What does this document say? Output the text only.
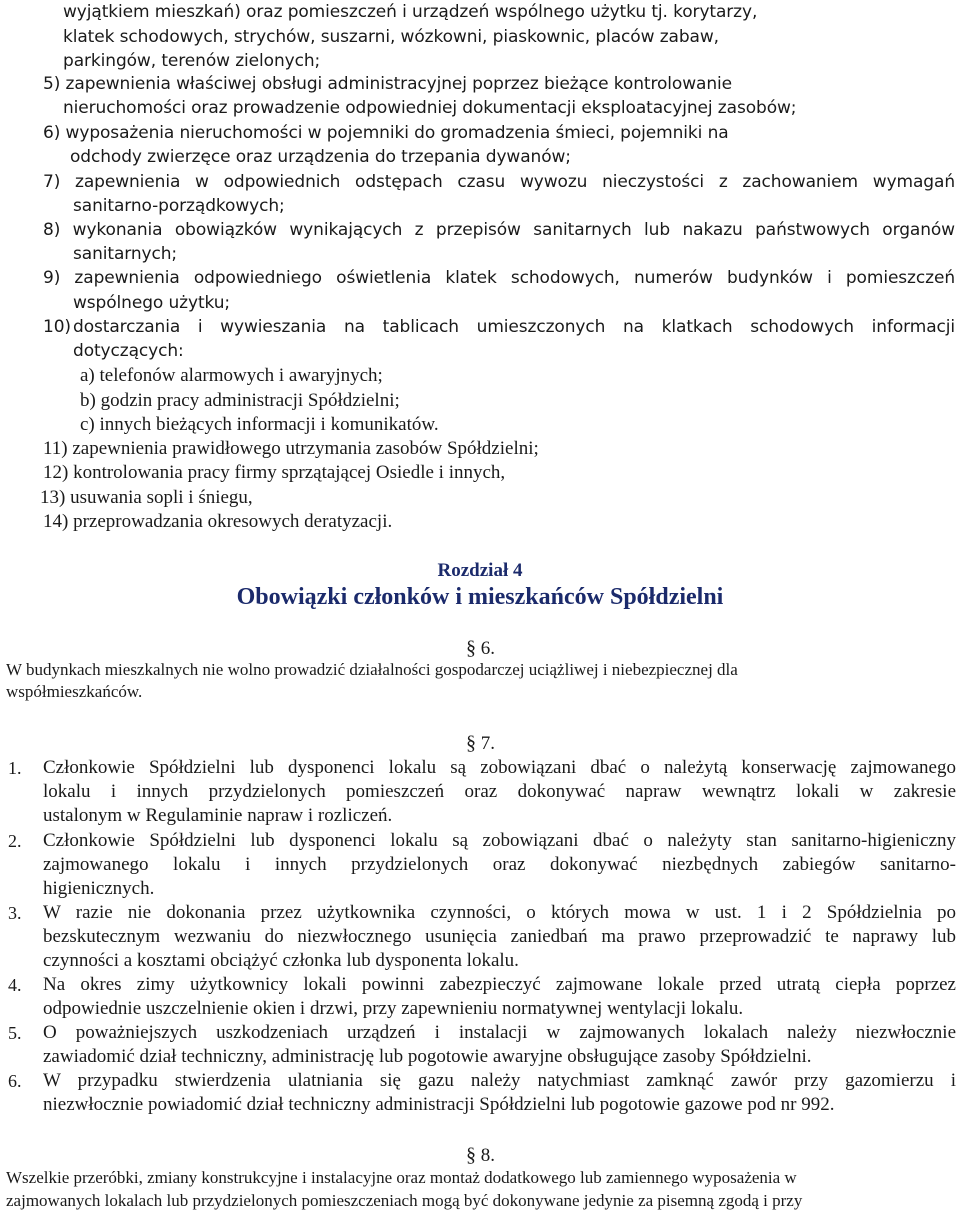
wyjątkiem mieszkań) oraz pomieszczeń i urządzeń wspólnego użytku tj. korytarzy,
klatek schodowych, strychów, suszarni, wózkowni, piaskownic, placów zabaw,
parkingów, terenów zielonych;
5) zapewnienia właściwej obsługi administracyjnej poprzez bieżące kontrolowanie
nieruchomości oraz prowadzenie odpowiedniej dokumentacji eksploatacyjnej zasobów;
6) wyposażenia nieruchomości w pojemniki do gromadzenia śmieci, pojemniki na
odchody zwierzęce oraz urządzenia do trzepania dywanów;
7) zapewnienia w odpowiednich odstępach czasu wywozu nieczystości z zachowaniem wymagań
sanitarno-porządkowych;
8) wykonania obowiązków wynikających z przepisów sanitarnych lub nakazu państwowych organów
sanitarnych;
9) zapewnienia odpowiedniego oświetlenia klatek schodowych, numerów budynków i pomieszczeń
wspólnego użytku;
10) dostarczania i wywieszania na tablicach umieszczonych na klatkach schodowych informacji
dotyczących:
a) telefonów alarmowych i awaryjnych;
b) godzin pracy administracji Spółdzielni;
c) innych bieżących informacji i komunikatów.
11) zapewnienia prawidłowego utrzymania zasobów Spółdzielni;
12) kontrolowania pracy firmy sprzątającej Osiedle i innych,
13) usuwania sopli i śniegu,
14) przeprowadzania okresowych deratyzacji.
Rozdział 4
Obowiązki członków i mieszkańców Spółdzielni
§ 6.
W budynkach mieszkalnych nie wolno prowadzić działalności gospodarczej uciążliwej i niebezpiecznej dla
współmieszkańców.
§ 7.
1. Członkowie Spółdzielni lub dysponenci lokalu są zobowiązani dbać o należytą konserwację zajmowanego
lokalu i innych przydzielonych pomieszczeń oraz dokonywać napraw wewnątrz lokali w zakresie
ustalonym w Regulaminie napraw i rozliczeń.
2. Członkowie Spółdzielni lub dysponenci lokalu są zobowiązani dbać o należyty stan sanitarno-higieniczny
zajmowanego lokalu i innych przydzielonych oraz dokonywać niezbędnych zabiegów sanitarno-
higienicznych.
3. W razie nie dokonania przez użytkownika czynności, o których mowa w ust. 1 i 2 Spółdzielnia po
bezskutecznym wezwaniu do niezwłocznego usunięcia zaniedbań ma prawo przeprowadzić te naprawy lub
czynności a kosztami obciążyć członka lub dysponenta lokalu.
4. Na okres zimy użytkownicy lokali powinni zabezpieczyć zajmowane lokale przed utratą ciepła poprzez
odpowiednie uszczelnienie okien i drzwi, przy zapewnieniu normatywnej wentylacji lokalu.
5. O poważniejszych uszkodzeniach urządzeń i instalacji w zajmowanych lokalach należy niezwłocznie
zawiadomić dział techniczny, administrację lub pogotowie awaryjne obsługujące zasoby Spółdzielni.
6. W przypadku stwierdzenia ulatniania się gazu należy natychmiast zamknąć zawór przy gazomierzu i
niezwłocznie powiadomić dział techniczny administracji Spółdzielni lub pogotowie gazowe pod nr 992.
§ 8.
Wszelkie przeróbki, zmiany konstrukcyjne i instalacyjne oraz montaż dodatkowego lub zamiennego wyposażenia w
zajmowanych lokalach lub przydzielonych pomieszczeniach mogą być dokonywane jedynie za pisemną zgodą i przy
